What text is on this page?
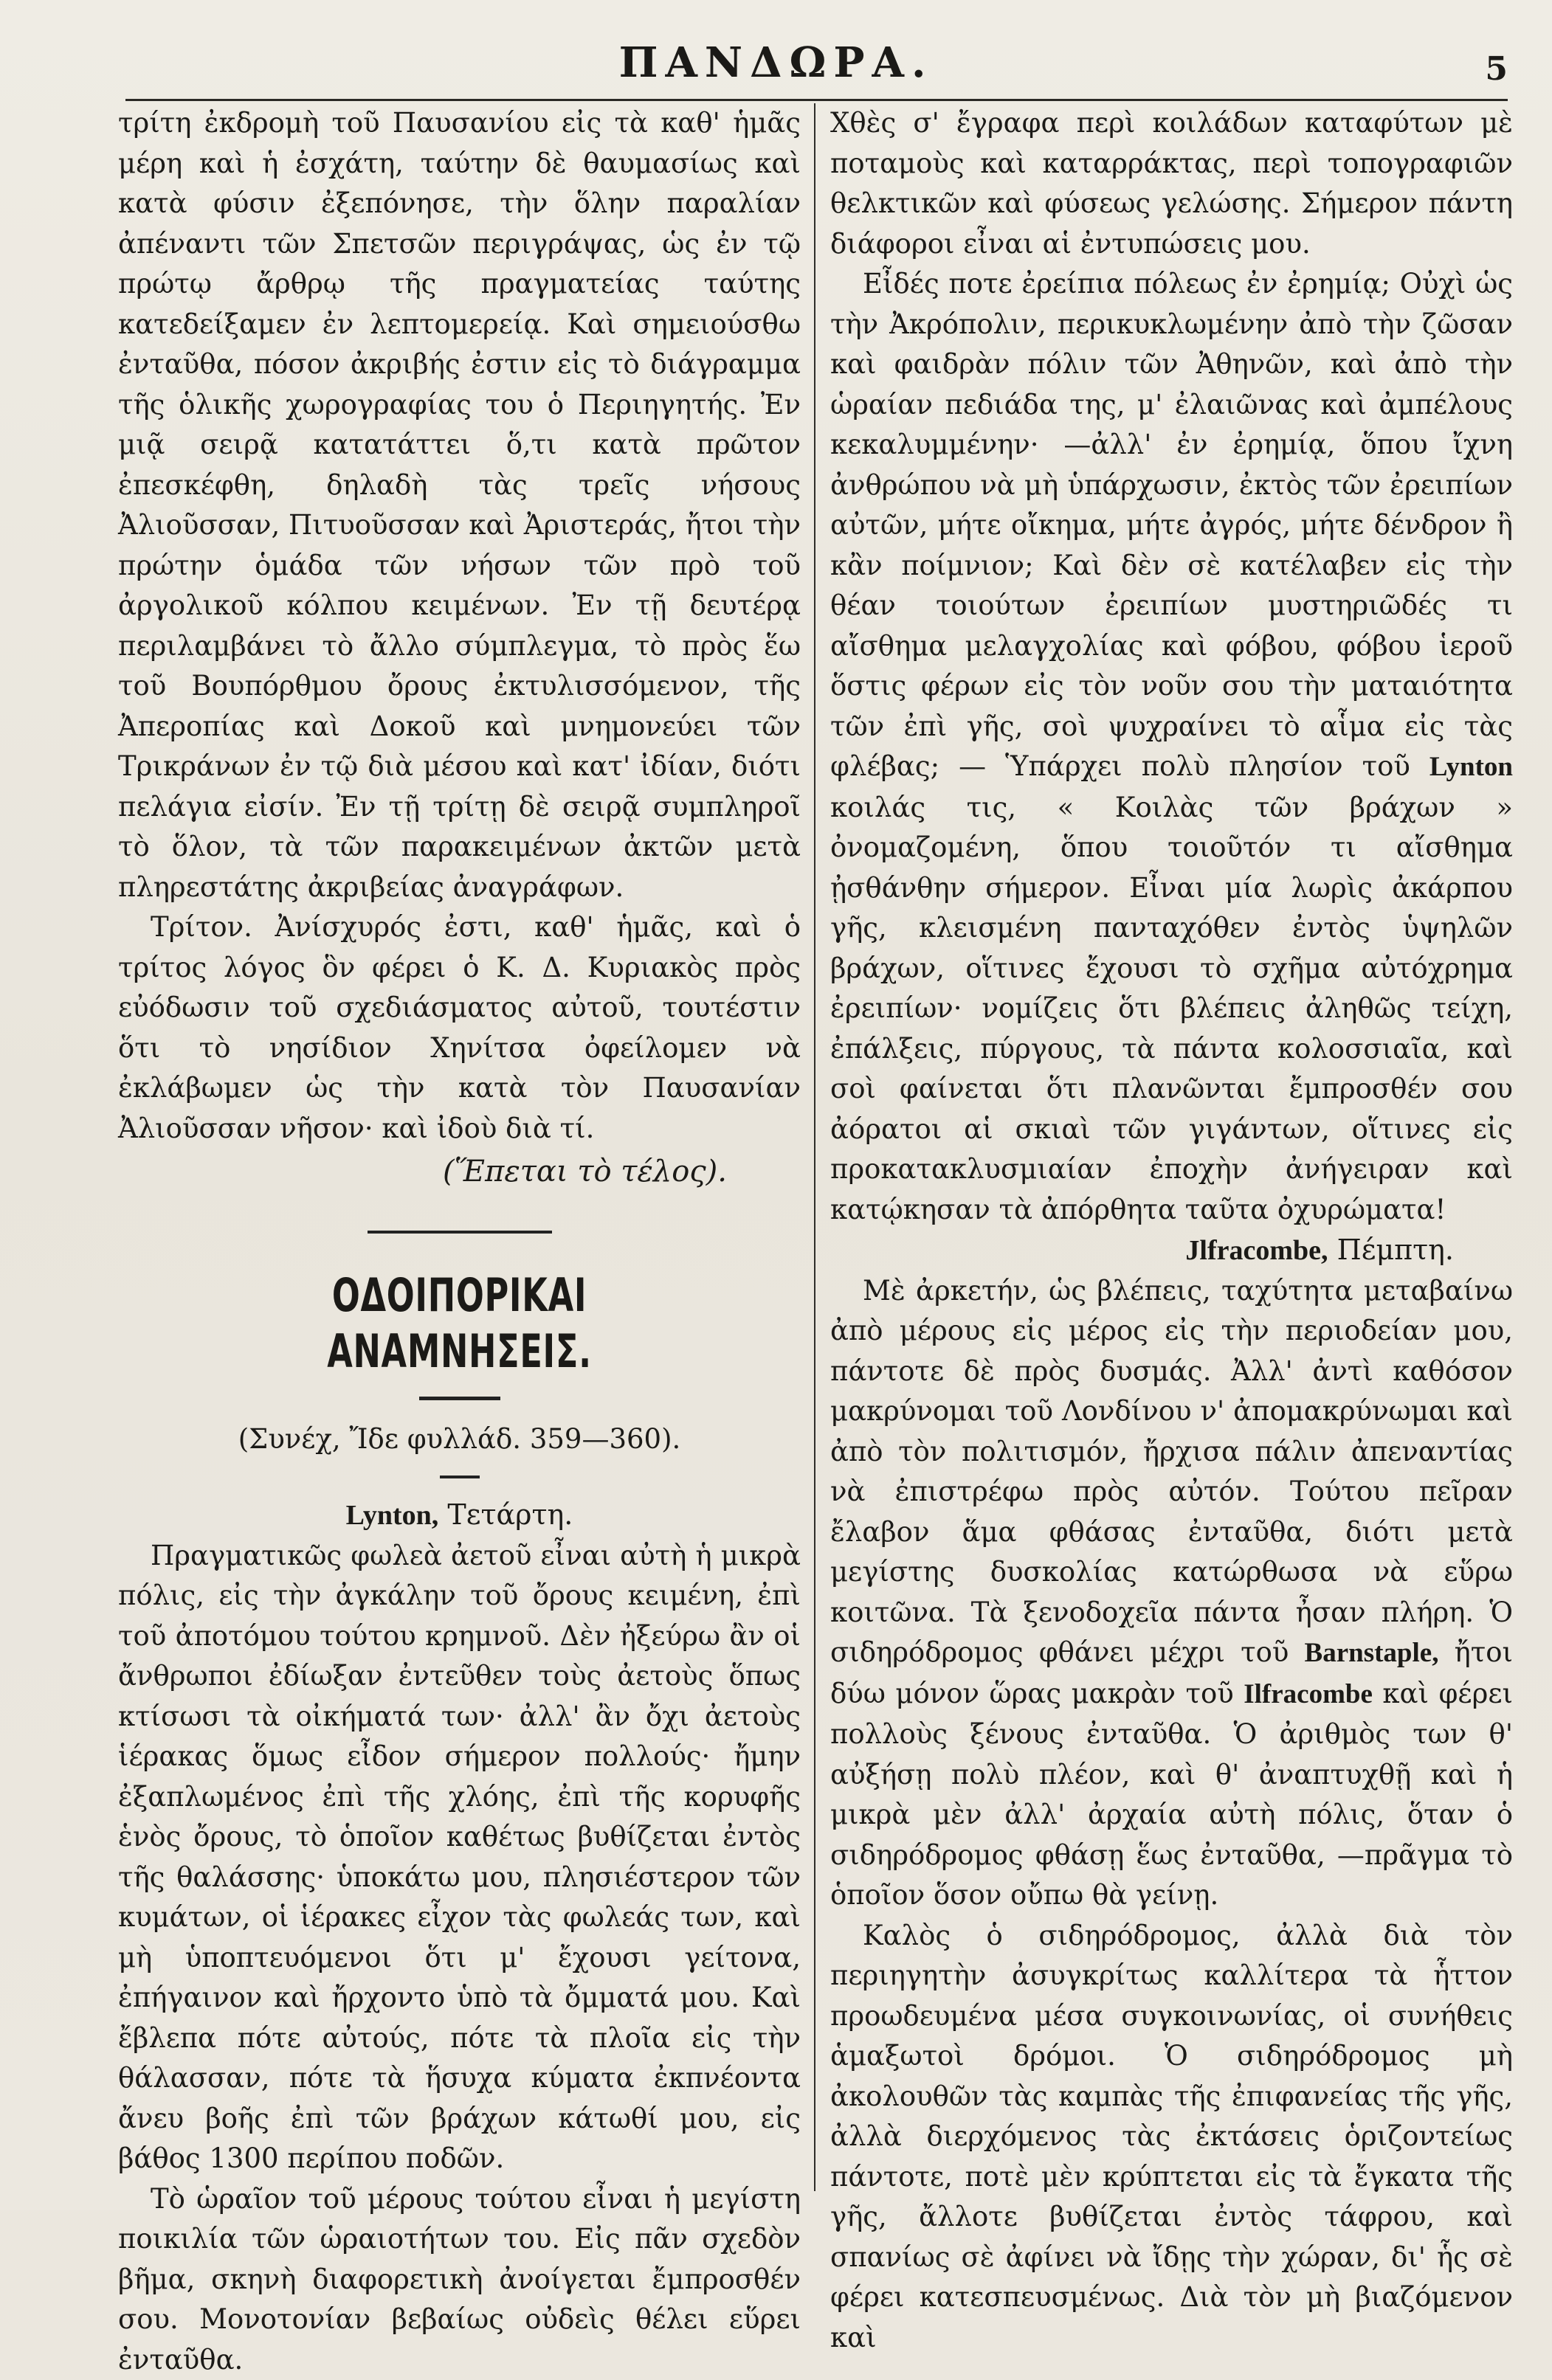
ΠΑΝΔΩΡΑ.	5

τρίτη ἐκδρομὴ τοῦ Παυσανίου εἰς τὰ καθ' ἡμᾶς μέρη καὶ ἡ ἐσχάτη, ταύτην δὲ θαυμασίως καὶ κατὰ φύσιν ἐξεπόνησε, τὴν ὅλην παραλίαν ἀπέναντι τῶν Σπετσῶν περιγράψας, ὡς ἐν τῷ πρώτῳ ἄρθρῳ τῆς πραγματείας ταύτης κατεδείξαμεν ἐν λεπτομερείᾳ. Καὶ σημειούσθω ἐνταῦθα, πόσον ἀκριβής ἐστιν εἰς τὸ διάγραμμα τῆς ὁλικῆς χωρογραφίας του ὁ Περιηγητής. Ἐν μιᾷ σειρᾷ κατατάττει ὅ,τι κατὰ πρῶτον ἐπεσκέφθη, δηλαδὴ τὰς τρεῖς νήσους Ἀλιοῦσσαν, Πιτυοῦσσαν καὶ Ἀριστεράς, ἤτοι τὴν πρώτην ὁμάδα τῶν νήσων τῶν πρὸ τοῦ ἀργολικοῦ κόλπου κειμένων. Ἐν τῇ δευτέρᾳ περιλαμβάνει τὸ ἄλλο σύμπλεγμα, τὸ πρὸς ἕω τοῦ Βουπόρθμου ὄρους ἐκτυλισσόμενον, τῆς Ἀπεροπίας καὶ Δοκοῦ καὶ μνημονεύει τῶν Τρικράνων ἐν τῷ διὰ μέσου καὶ κατ' ἰδίαν, διότι πελάγια εἰσίν. Ἐν τῇ τρίτῃ δὲ σειρᾷ συμπληροῖ τὸ ὅλον, τὰ τῶν παρακειμένων ἀκτῶν μετὰ πληρεστάτης ἀκριβείας ἀναγράφων.

Τρίτον. Ἀνίσχυρός ἐστι, καθ' ἡμᾶς, καὶ ὁ τρίτος λόγος ὃν φέρει ὁ Κ. Δ. Κυριακὸς πρὸς εὐόδωσιν τοῦ σχεδιάσματος αὐτοῦ, τουτέστιν ὅτι τὸ νησίδιον Χηνίτσα ὀφείλομεν νὰ ἐκλάβωμεν ὡς τὴν κατὰ τὸν Παυσανίαν Ἀλιοῦσσαν νῆσον· καὶ ἰδοὺ διὰ τί.

(Ἕπεται τὸ τέλος).

ΟΔΟΙΠΟΡΙΚΑΙ ΑΝΑΜΝΗΣΕΙΣ.

(Συνέχ, Ἴδε φυλλάδ. 359—360).

Lynton, Τετάρτη.

Πραγματικῶς φωλεὰ ἀετοῦ εἶναι αὐτὴ ἡ μικρὰ πόλις, εἰς τὴν ἀγκάλην τοῦ ὄρους κειμένη, ἐπὶ τοῦ ἀποτόμου τούτου κρημνοῦ. Δὲν ἠξεύρω ἂν οἱ ἄνθρωποι ἐδίωξαν ἐντεῦθεν τοὺς ἀετοὺς ὅπως κτίσωσι τὰ οἰκήματά των· ἀλλ' ἂν ὄχι ἀετοὺς ἱέρακας ὅμως εἶδον σήμερον πολλούς· ἤμην ἐξαπλωμένος ἐπὶ τῆς χλόης, ἐπὶ τῆς κορυφῆς ἑνὸς ὄρους, τὸ ὁποῖον καθέτως βυθίζεται ἐντὸς τῆς θαλάσσης· ὑποκάτω μου, πλησιέστερον τῶν κυμάτων, οἱ ἱέρακες εἶχον τὰς φωλεάς των, καὶ μὴ ὑποπτευόμενοι ὅτι μ' ἔχουσι γείτονα, ἐπήγαινον καὶ ἤρχοντο ὑπὸ τὰ ὄμματά μου. Καὶ ἔβλεπα πότε αὐτούς, πότε τὰ πλοῖα εἰς τὴν θάλασσαν, πότε τὰ ἥσυχα κύματα ἐκπνέοντα ἄνευ βοῆς ἐπὶ τῶν βράχων κάτωθί μου, εἰς βάθος 1300 περίπου ποδῶν.

Τὸ ὡραῖον τοῦ μέρους τούτου εἶναι ἡ μεγίστη ποικιλία τῶν ὡραιοτήτων του. Εἰς πᾶν σχεδὸν βῆμα, σκηνὴ διαφορετικὴ ἀνοίγεται ἔμπροσθέν σου. Μονοτονίαν βεβαίως οὐδεὶς θέλει εὕρει ἐνταῦθα.

Χθὲς σ' ἔγραφα περὶ κοιλάδων καταφύτων μὲ ποταμοὺς καὶ καταρράκτας, περὶ τοπογραφιῶν θελκτικῶν καὶ φύσεως γελώσης. Σήμερον πάντη διάφοροι εἶναι αἱ ἐντυπώσεις μου.

Εἶδές ποτε ἐρείπια πόλεως ἐν ἐρημίᾳ; Οὐχὶ ὡς τὴν Ἀκρόπολιν, περικυκλωμένην ἀπὸ τὴν ζῶσαν καὶ φαιδρὰν πόλιν τῶν Ἀθηνῶν, καὶ ἀπὸ τὴν ὡραίαν πεδιάδα της, μ' ἐλαιῶνας καὶ ἀμπέλους κεκαλυμμένην· —ἀλλ' ἐν ἐρημίᾳ, ὅπου ἴχνη ἀνθρώπου νὰ μὴ ὑπάρχωσιν, ἐκτὸς τῶν ἐρειπίων αὐτῶν, μήτε οἴκημα, μήτε ἀγρός, μήτε δένδρον ἢ κἂν ποίμνιον; Καὶ δὲν σὲ κατέλαβεν εἰς τὴν θέαν τοιούτων ἐρειπίων μυστηριῶδές τι αἴσθημα μελαγχολίας καὶ φόβου, φόβου ἱεροῦ ὅστις φέρων εἰς τὸν νοῦν σου τὴν ματαιότητα τῶν ἐπὶ γῆς, σοὶ ψυχραίνει τὸ αἷμα εἰς τὰς φλέβας; — Ὑπάρχει πολὺ πλησίον τοῦ Lynton κοιλάς τις, « Κοιλὰς τῶν βράχων » ὀνομαζομένη, ὅπου τοιοῦτόν τι αἴσθημα ᾐσθάνθην σήμερον. Εἶναι μία λωρὶς ἀκάρπου γῆς, κλεισμένη πανταχόθεν ἐντὸς ὑψηλῶν βράχων, οἵτινες ἔχουσι τὸ σχῆμα αὐτόχρημα ἐρειπίων· νομίζεις ὅτι βλέπεις ἀληθῶς τείχη, ἐπάλξεις, πύργους, τὰ πάντα κολοσσιαῖα, καὶ σοὶ φαίνεται ὅτι πλανῶνται ἔμπροσθέν σου ἀόρατοι αἱ σκιαὶ τῶν γιγάντων, οἵτινες εἰς προκατακλυσμιαίαν ἐποχὴν ἀνήγειραν καὶ κατῴκησαν τὰ ἀπόρθητα ταῦτα ὀχυρώματα!

Jlfracombe, Πέμπτη.

Μὲ ἀρκετήν, ὡς βλέπεις, ταχύτητα μεταβαίνω ἀπὸ μέρους εἰς μέρος εἰς τὴν περιοδείαν μου, πάντοτε δὲ πρὸς δυσμάς. Ἀλλ' ἀντὶ καθόσον μακρύνομαι τοῦ Λονδίνου ν' ἀπομακρύνωμαι καὶ ἀπὸ τὸν πολιτισμόν, ἤρχισα πάλιν ἀπεναντίας νὰ ἐπιστρέφω πρὸς αὐτόν. Τούτου πεῖραν ἔλαβον ἅμα φθάσας ἐνταῦθα, διότι μετὰ μεγίστης δυσκολίας κατώρθωσα νὰ εὕρω κοιτῶνα. Τὰ ξενοδοχεῖα πάντα ἦσαν πλήρη. Ὁ σιδηρόδρομος φθάνει μέχρι τοῦ Barnstaple, ἤτοι δύω μόνον ὥρας μακρὰν τοῦ Ilfracombe καὶ φέρει πολλοὺς ξένους ἐνταῦθα. Ὁ ἀριθμὸς των θ' αὐξήσῃ πολὺ πλέον, καὶ θ' ἀναπτυχθῇ καὶ ἡ μικρὰ μὲν ἀλλ' ἀρχαία αὐτὴ πόλις, ὅταν ὁ σιδηρόδρομος φθάσῃ ἕως ἐνταῦθα, —πρᾶγμα τὸ ὁποῖον ὅσον οὔπω θὰ γείνῃ.

Καλὸς ὁ σιδηρόδρομος, ἀλλὰ διὰ τὸν περιηγητὴν ἀσυγκρίτως καλλίτερα τὰ ἧττον προωδευμένα μέσα συγκοινωνίας, οἱ συνήθεις ἁμαξωτοὶ δρόμοι. Ὁ σιδηρόδρομος μὴ ἀκολουθῶν τὰς καμπὰς τῆς ἐπιφανείας τῆς γῆς, ἀλλὰ διερχόμενος τὰς ἐκτάσεις ὁριζοντείως πάντοτε, ποτὲ μὲν κρύπτεται εἰς τὰ ἔγκατα τῆς γῆς, ἄλλοτε βυθίζεται ἐντὸς τάφρου, καὶ σπανίως σὲ ἀφίνει νὰ ἴδῃς τὴν χώραν, δι' ἧς σὲ φέρει κατεσπευσμένως. Διὰ τὸν μὴ βιαζόμενον καὶ
